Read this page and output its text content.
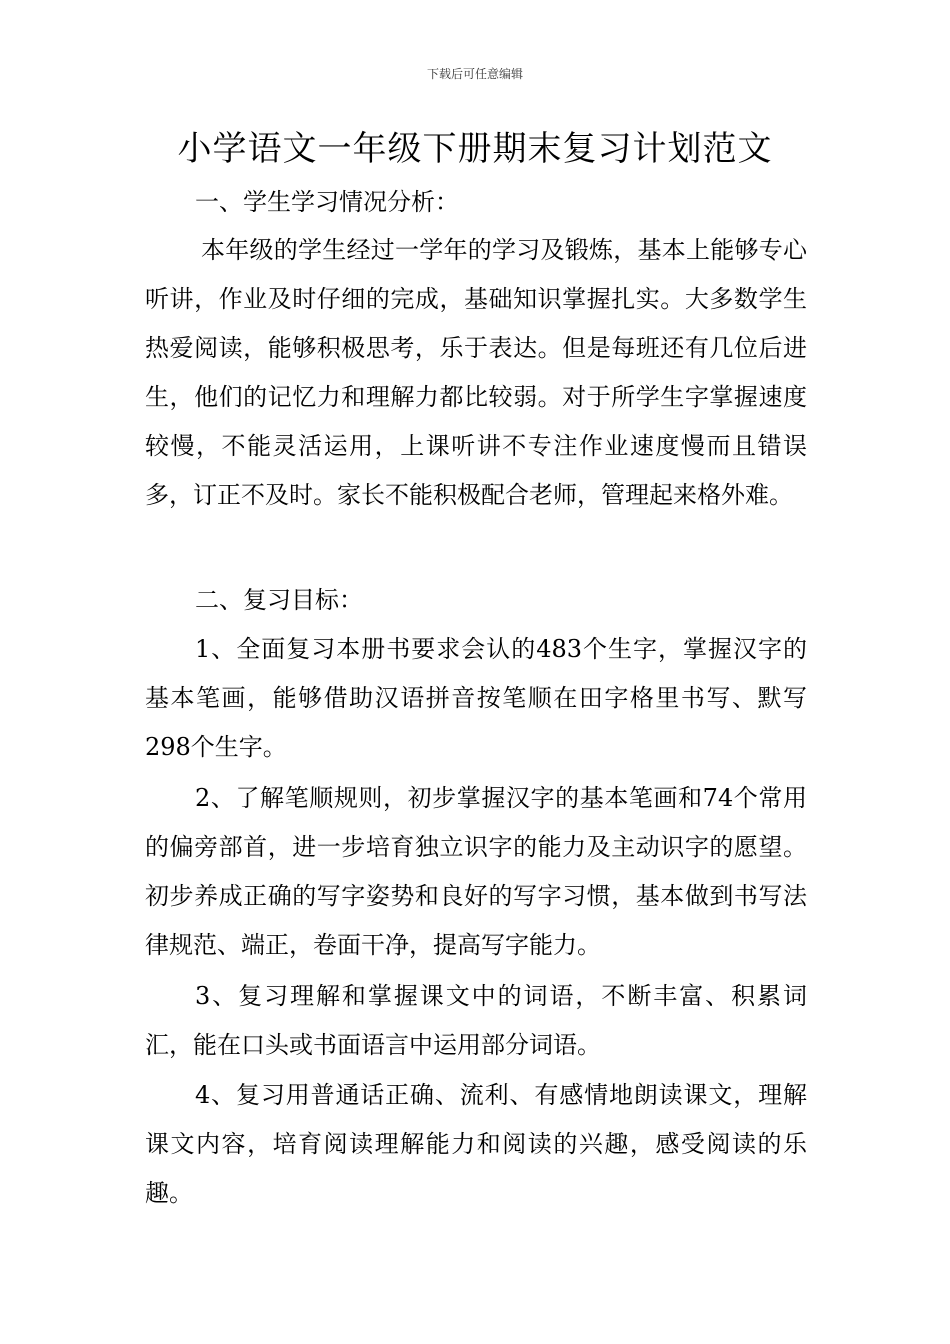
下载后可任意编辑
小学语文一年级下册期末复习计划范文

一、学生学习情况分析：

本年级的学生经过一学年的学习及锻炼，基本上能够专心听讲，作业及时仔细的完成，基础知识掌握扎实。大多数学生热爱阅读，能够积极思考，乐于表达。但是每班还有几位后进生，他们的记忆力和理解力都比较弱。对于所学生字掌握速度较慢，不能灵活运用，上课听讲不专注作业速度慢而且错误多，订正不及时。家长不能积极配合老师，管理起来格外难。

二、复习目标：

1、全面复习本册书要求会认的483个生字，掌握汉字的基本笔画，能够借助汉语拼音按笔顺在田字格里书写、默写298个生字。

2、了解笔顺规则，初步掌握汉字的基本笔画和74个常用的偏旁部首，进一步培育独立识字的能力及主动识字的愿望。初步养成正确的写字姿势和良好的写字习惯，基本做到书写法律规范、端正，卷面干净，提高写字能力。

3、复习理解和掌握课文中的词语，不断丰富、积累词汇，能在口头或书面语言中运用部分词语。

4、复习用普通话正确、流利、有感情地朗读课文，理解课文内容，培育阅读理解能力和阅读的兴趣，感受阅读的乐趣。
